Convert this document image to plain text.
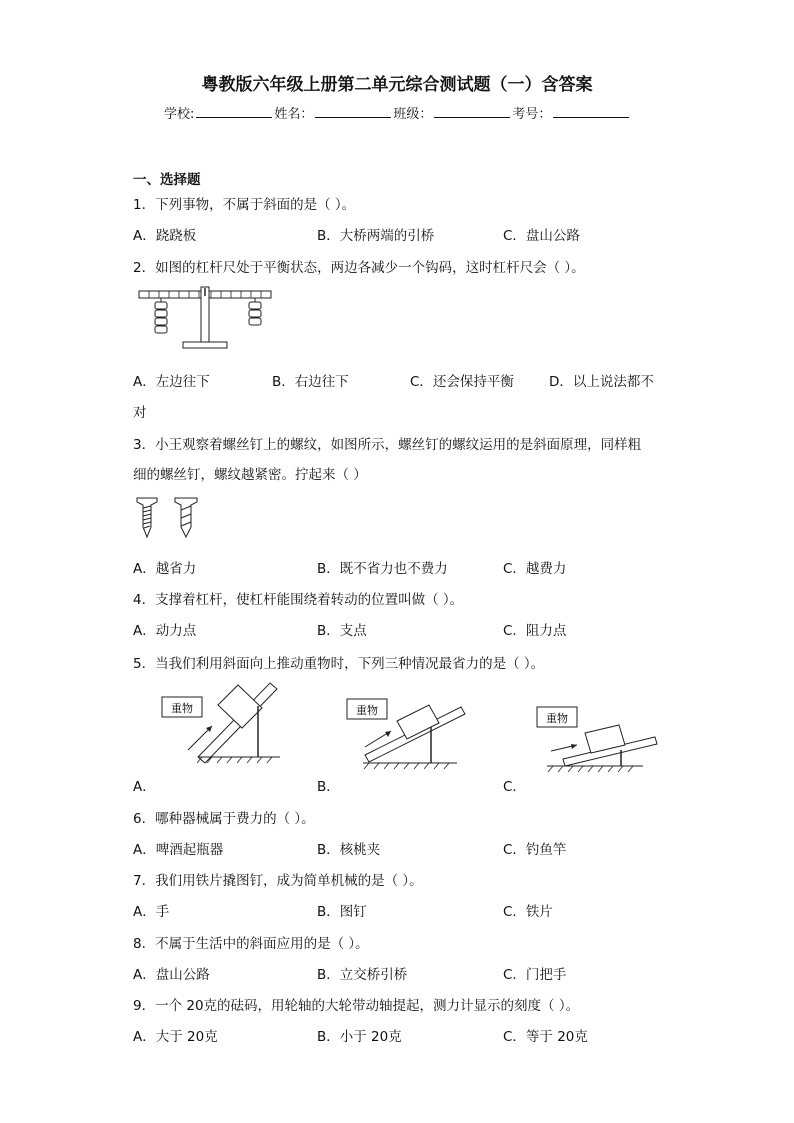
粤教版六年级上册第二单元综合测试题（一）含答案
学校:	姓名：	班级：	考号：
一、选择题
1．下列事物，不属于斜面的是（ ）。
A．跷跷板	B．大桥两端的引桥	C．盘山公路
2．如图的杠杆尺处于平衡状态，两边各减少一个钩码，这时杠杆尺会（ ）。
A．左边往下	B．右边往下	C．还会保持平衡	D．以上说法都不
对
3．小王观察着螺丝钉上的螺纹，如图所示，螺丝钉的螺纹运用的是斜面原理，同样粗
细的螺丝钉，螺纹越紧密。拧起来（ ）
A．越省力	B．既不省力也不费力	C．越费力
4．支撑着杠杆，使杠杆能围绕着转动的位置叫做（ ）。
A．动力点	B．支点	C．阻力点
5．当我们利用斜面向上推动重物时，下列三种情况最省力的是（ ）。
重物
A．
重物
B．
重物
C．
6．哪种器械属于费力的（ ）。
A．啤酒起瓶器	B．核桃夹	C．钓鱼竿
7．我们用铁片撬图钉，成为简单机械的是（ ）。
A．手	B．图钉	C．铁片
8．不属于生活中的斜面应用的是（ ）。
A．盘山公路	B．立交桥引桥	C．门把手
9．一个 20克的砝码，用轮轴的大轮带动轴提起，测力计显示的刻度（ ）。
A．大于 20克	B．小于 20克	C．等于 20克
